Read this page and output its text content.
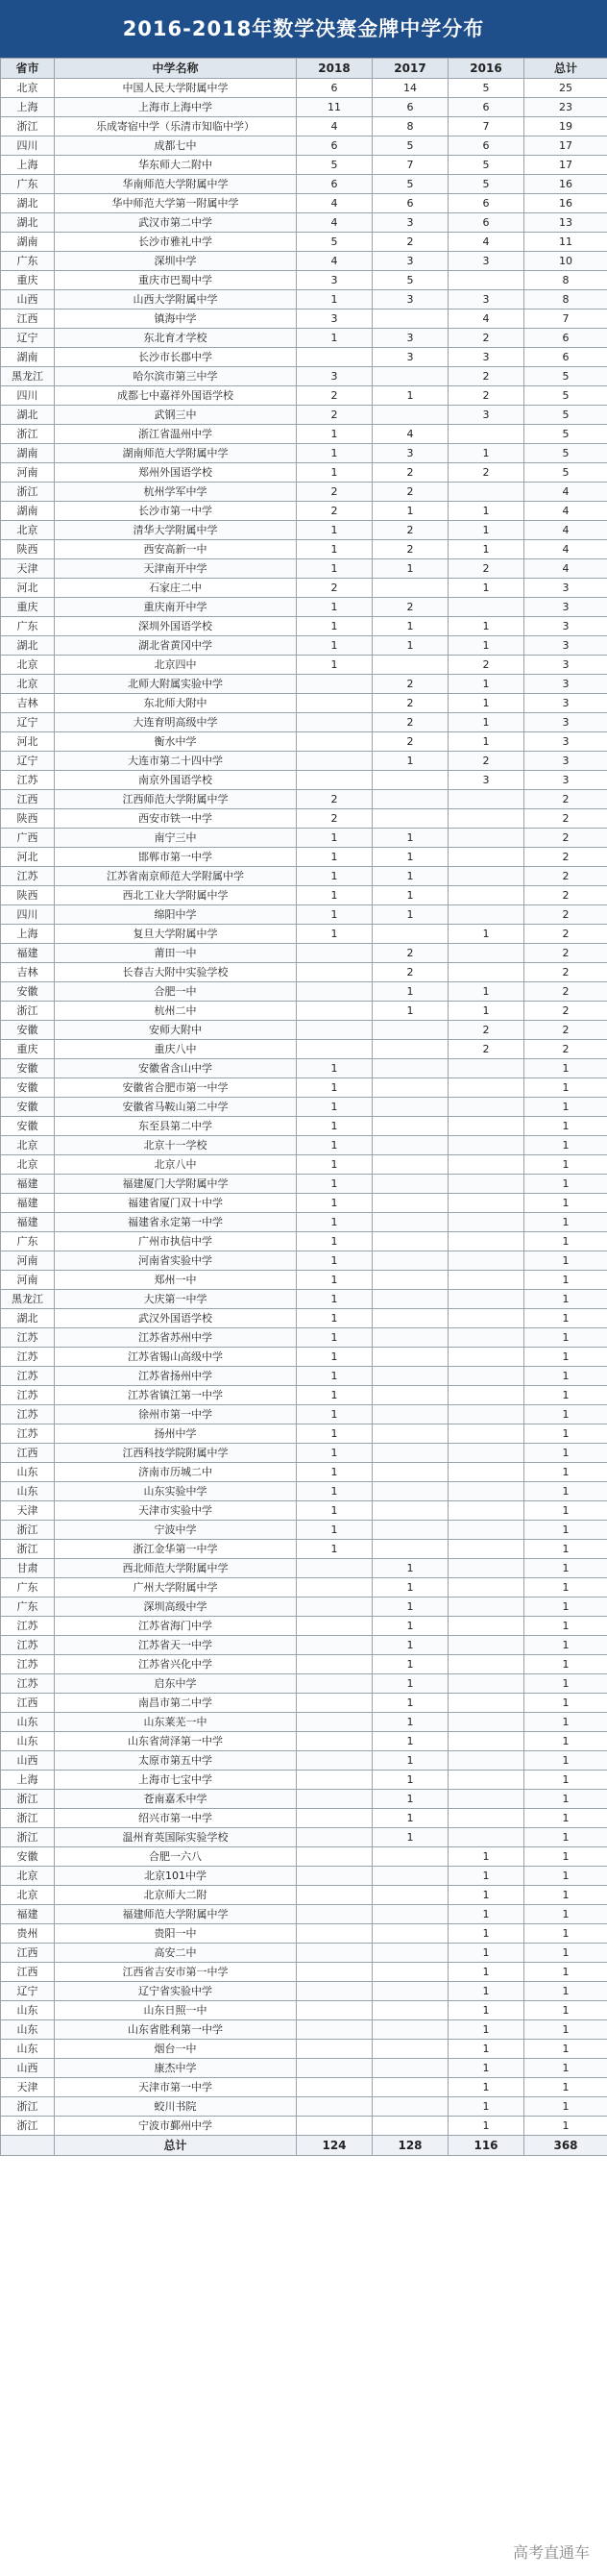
2016-2018年数学决赛金牌中学分布
省市	中学名称	2018	2017	2016	总计
北京	中国人民大学附属中学	6	14	5	25
上海	上海市上海中学	11	6	6	23
浙江	乐成寄宿中学（乐清市知临中学）	4	8	7	19
四川	成都七中	6	5	6	17
上海	华东师大二附中	5	7	5	17
广东	华南师范大学附属中学	6	5	5	16
湖北	华中师范大学第一附属中学	4	6	6	16
湖北	武汉市第二中学	4	3	6	13
湖南	长沙市雅礼中学	5	2	4	11
广东	深圳中学	4	3	3	10
重庆	重庆市巴蜀中学	3	5		8
山西	山西大学附属中学	1	3	3	8
江西	镇海中学	3		4	7
辽宁	东北育才学校	1	3	2	6
湖南	长沙市长郡中学		3	3	6
黑龙江	哈尔滨市第三中学	3		2	5
四川	成都七中嘉祥外国语学校	2	1	2	5
湖北	武钢三中	2		3	5
浙江	浙江省温州中学	1	4		5
湖南	湖南师范大学附属中学	1	3	1	5
河南	郑州外国语学校	1	2	2	5
浙江	杭州学军中学	2	2		4
湖南	长沙市第一中学	2	1	1	4
北京	清华大学附属中学	1	2	1	4
陕西	西安高新一中	1	2	1	4
天津	天津南开中学	1	1	2	4
河北	石家庄二中	2		1	3
重庆	重庆南开中学	1	2		3
广东	深圳外国语学校	1	1	1	3
湖北	湖北省黄冈中学	1	1	1	3
北京	北京四中	1		2	3
北京	北师大附属实验中学		2	1	3
吉林	东北师大附中		2	1	3
辽宁	大连育明高级中学		2	1	3
河北	衡水中学		2	1	3
辽宁	大连市第二十四中学		1	2	3
江苏	南京外国语学校			3	3
江西	江西师范大学附属中学	2			2
陕西	西安市铁一中学	2			2
广西	南宁三中	1	1		2
河北	邯郸市第一中学	1	1		2
江苏	江苏省南京师范大学附属中学	1	1		2
陕西	西北工业大学附属中学	1	1		2
四川	绵阳中学	1	1		2
上海	复旦大学附属中学	1		1	2
福建	莆田一中		2		2
吉林	长春吉大附中实验学校		2		2
安徽	合肥一中		1	1	2
浙江	杭州二中		1	1	2
安徽	安师大附中			2	2
重庆	重庆八中			2	2
安徽	安徽省含山中学	1			1
安徽	安徽省合肥市第一中学	1			1
安徽	安徽省马鞍山第二中学	1			1
安徽	东至县第二中学	1			1
北京	北京十一学校	1			1
北京	北京八中	1			1
福建	福建厦门大学附属中学	1			1
福建	福建省厦门双十中学	1			1
福建	福建省永定第一中学	1			1
广东	广州市执信中学	1			1
河南	河南省实验中学	1			1
河南	郑州一中	1			1
黑龙江	大庆第一中学	1			1
湖北	武汉外国语学校	1			1
江苏	江苏省苏州中学	1			1
江苏	江苏省锡山高级中学	1			1
江苏	江苏省扬州中学	1			1
江苏	江苏省镇江第一中学	1			1
江苏	徐州市第一中学	1			1
江苏	扬州中学	1			1
江西	江西科技学院附属中学	1			1
山东	济南市历城二中	1			1
山东	山东实验中学	1			1
天津	天津市实验中学	1			1
浙江	宁波中学	1			1
浙江	浙江金华第一中学	1			1
甘肃	西北师范大学附属中学		1		1
广东	广州大学附属中学		1		1
广东	深圳高级中学		1		1
江苏	江苏省海门中学		1		1
江苏	江苏省天一中学		1		1
江苏	江苏省兴化中学		1		1
江苏	启东中学		1		1
江西	南昌市第二中学		1		1
山东	山东莱芜一中		1		1
山东	山东省菏泽第一中学		1		1
山西	太原市第五中学		1		1
上海	上海市七宝中学		1		1
浙江	苍南嘉禾中学		1		1
浙江	绍兴市第一中学		1		1
浙江	温州育英国际实验学校		1		1
安徽	合肥一六八			1	1
北京	北京101中学			1	1
北京	北京师大二附			1	1
福建	福建师范大学附属中学			1	1
贵州	贵阳一中			1	1
江西	高安二中			1	1
江西	江西省吉安市第一中学			1	1
辽宁	辽宁省实验中学			1	1
山东	山东日照一中			1	1
山东	山东省胜利第一中学			1	1
山东	烟台一中			1	1
山西	康杰中学			1	1
天津	天津市第一中学			1	1
浙江	蛟川书院			1	1
浙江	宁波市鄞州中学			1	1
	总计	124	128	116	368
高考直通车
